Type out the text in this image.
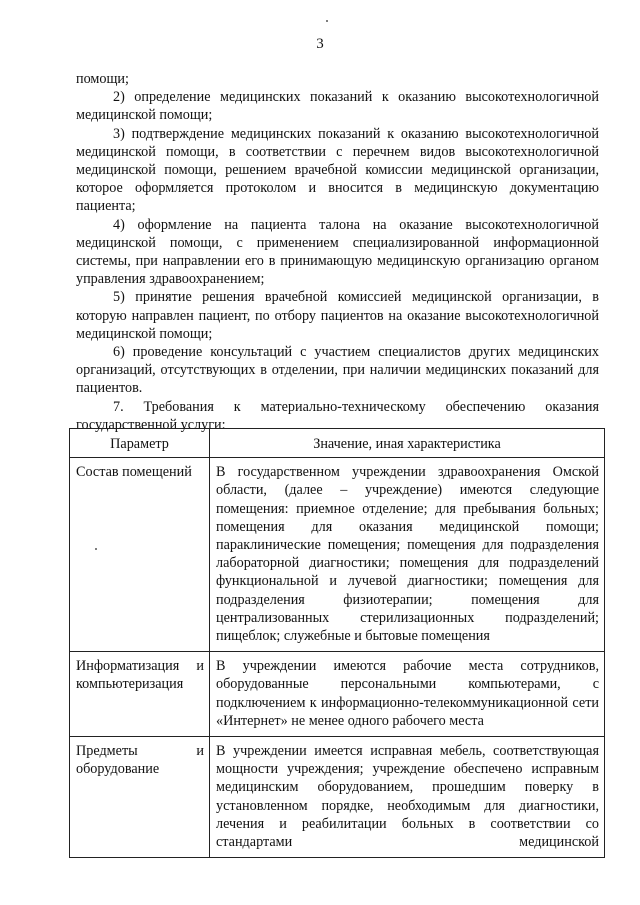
3

помощи;

2) определение медицинских показаний к оказанию высокотехнологичной медицинской помощи;

3) подтверждение медицинских показаний к оказанию высокотехнологичной медицинской помощи, в соответствии с перечнем видов высокотехнологичной медицинской помощи, решением врачебной комиссии медицинской организации, которое оформляется протоколом и вносится в медицинскую документацию пациента;

4) оформление на пациента талона на оказание высокотехнологичной медицинской помощи, с применением специализированной информационной системы, при направлении его в принимающую медицинскую организацию органом управления здравоохранением;

5) принятие решения врачебной комиссией медицинской организации, в которую направлен пациент, по отбору пациентов на оказание высокотехнологичной медицинской помощи;

6) проведение консультаций с участием специалистов других медицинских организаций, отсутствующих в отделении, при наличии медицинских показаний для пациентов.

7. Требования к материально-техническому обеспечению оказания государственной услуги:

Параметр	Значение, иная характеристика
Состав помещений	В государственном учреждении здравоохранения Омской области, (далее – учреждение) имеются следующие помещения: приемное отделение; для пребывания больных; помещения для оказания медицинской помощи; параклинические помещения; помещения для подразделения лабораторной диагностики; помещения для подразделений функциональной и лучевой диагностики; помещения для подразделения физиотерапии; помещения для централизованных стерилизационных подразделений; пищеблок; служебные и бытовые помещения
Информатизация и компьютеризация	В учреждении имеются рабочие места сотрудников, оборудованные персональными компьютерами, с подключением к информационно-телекоммуникационной сети «Интернет» не менее одного рабочего места
Предметы и оборудование	В учреждении имеется исправная мебель, соответствующая мощности учреждения; учреждение обеспечено исправным медицинским оборудованием, прошедшим поверку в установленном порядке, необходимым для диагностики, лечения и реабилитации больных в соответствии со стандартами медицинской
